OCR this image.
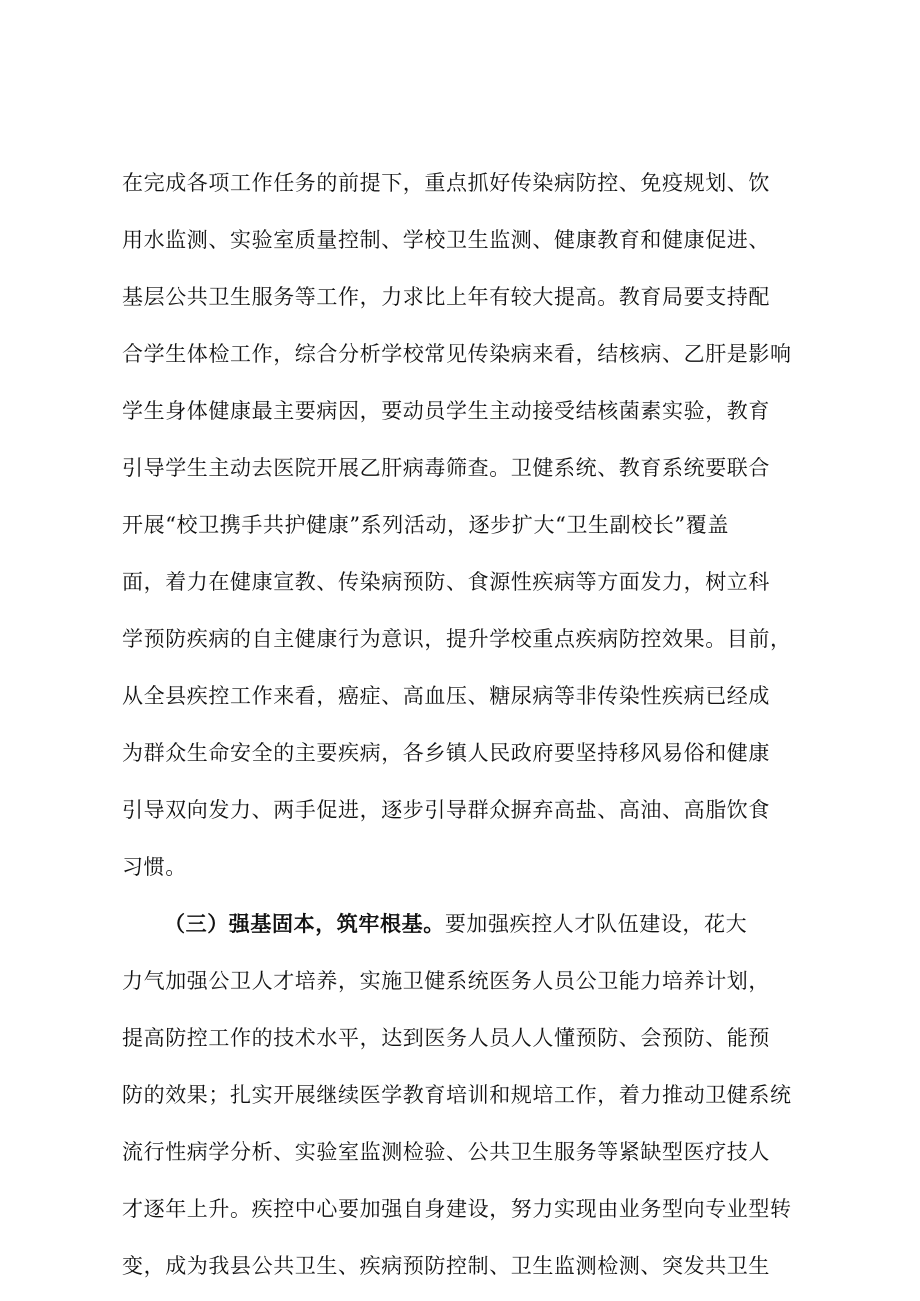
在完成各项工作任务的前提下，重点抓好传染病防控、免疫规划、饮
用水监测、实验室质量控制、学校卫生监测、健康教育和健康促进、
基层公共卫生服务等工作，力求比上年有较大提高。教育局要支持配
合学生体检工作，综合分析学校常见传染病来看，结核病、乙肝是影响
学生身体健康最主要病因，要动员学生主动接受结核菌素实验，教育
引导学生主动去医院开展乙肝病毒筛查。卫健系统、教育系统要联合
开展“校卫携手共护健康”系列活动，逐步扩大“卫生副校长”覆盖
面，着力在健康宣教、传染病预防、食源性疾病等方面发力，树立科
学预防疾病的自主健康行为意识，提升学校重点疾病防控效果。目前，
从全县疾控工作来看，癌症、高血压、糖尿病等非传染性疾病已经成
为群众生命安全的主要疾病，各乡镇人民政府要坚持移风易俗和健康
引导双向发力、两手促进，逐步引导群众摒弃高盐、高油、高脂饮食
习惯。
（三）强基固本，筑牢根基。要加强疾控人才队伍建设，花大
力气加强公卫人才培养，实施卫健系统医务人员公卫能力培养计划，
提高防控工作的技术水平，达到医务人员人人懂预防、会预防、能预
防的效果；扎实开展继续医学教育培训和规培工作，着力推动卫健系统
流行性病学分析、实验室监测检验、公共卫生服务等紧缺型医疗技人
才逐年上升。疾控中心要加强自身建设，努力实现由业务型向专业型转
变，成为我县公共卫生、疾病预防控制、卫生监测检测、突发共卫生
